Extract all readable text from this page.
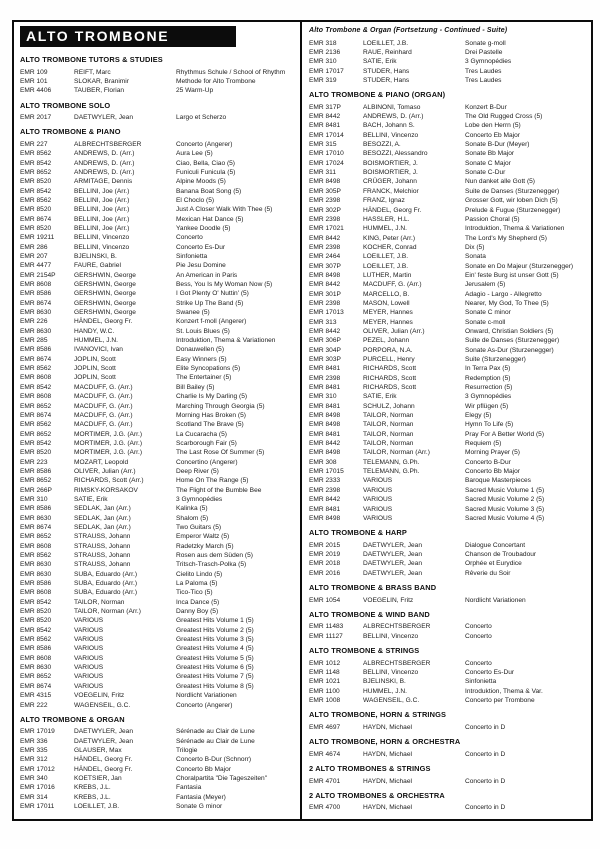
ALTO TROMBONE
ALTO TROMBONE TUTORS & STUDIES
EMR 109	REIFT, Marc	Rhythmus Schule / School of Rhythm
EMR 101	SLOKAR, Branimir	Methode for Alto Trombone
EMR 4406	TAUBER, Florian	25 Warm-Up
ALTO TROMBONE SOLO
EMR 2017	DAETWYLER, Jean	Largo et Scherzo
ALTO TROMBONE & PIANO
EMR 227	ALBRECHTSBERGER	Concerto (Angerer)
EMR 8562	ANDREWS, D. (Arr.)	Aura Lee (5)
EMR 8542	ANDREWS, D. (Arr.)	Ciao, Bella, Ciao (5)
EMR 8652	ANDREWS, D. (Arr.)	Funiculi Funicula (5)
EMR 8520	ARMITAGE, Dennis	Alpine Moods (5)
EMR 8542	BELLINI, Joe (Arr.)	Banana Boat Song (5)
EMR 8562	BELLINI, Joe (Arr.)	El Choclo (5)
EMR 8520	BELLINI, Joe (Arr.)	Just A Closer Walk With Thee (5)
EMR 8674	BELLINI, Joe (Arr.)	Mexican Hat Dance (5)
EMR 8520	BELLINI, Joe (Arr.)	Yankee Doodle (5)
EMR 19211	BELLINI, Vincenzo	Concerto
EMR 286	BELLINI, Vincenzo	Concerto Es-Dur
EMR 207	BJELINSKI, B.	Sinfonietta
EMR 4477	FAURE, Gabriel	Pie Jesu Domine
EMR 2154P	GERSHWIN, George	An American in Paris
EMR 8608	GERSHWIN, George	Bess, You Is My Woman Now (5)
EMR 8586	GERSHWIN, George	I Got Plenty O' Nuttin' (5)
EMR 8674	GERSHWIN, George	Strike Up The Band (5)
EMR 8630	GERSHWIN, George	Swanee (5)
EMR 226	HÄNDEL, Georg Fr.	Konzert f-moll (Angerer)
EMR 8630	HANDY, W.C.	St. Louis Blues (5)
EMR 285	HUMMEL, J.N.	Introduktion, Thema & Variationen
EMR 8586	IVANOVICI, Ivan	Donauwellen (5)
EMR 8674	JOPLIN, Scott	Easy Winners (5)
EMR 8562	JOPLIN, Scott	Elite Syncopations (5)
EMR 8608	JOPLIN, Scott	The Entertainer (5)
EMR 8542	MACDUFF, G. (Arr.)	Bill Bailey (5)
EMR 8608	MACDUFF, G. (Arr.)	Charlie Is My Darling (5)
EMR 8652	MACDUFF, G. (Arr.)	Marching Through Georgia (5)
EMR 8674	MACDUFF, G. (Arr.)	Morning Has Broken (5)
EMR 8562	MACDUFF, G. (Arr.)	Scotland The Brave (5)
EMR 8652	MORTIMER, J.G. (Arr.)	La Cucaracha (5)
EMR 8542	MORTIMER, J.G. (Arr.)	Scarborough Fair (5)
EMR 8520	MORTIMER, J.G. (Arr.)	The Last Rose Of Summer (5)
EMR 223	MOZART, Leopold	Concertino (Angerer)
EMR 8586	OLIVER, Julian (Arr.)	Deep River (5)
EMR 8652	RICHARDS, Scott (Arr.)	Home On The Range (5)
EMR 266P	RIMSKY-KORSAKOV	The Flight of the Bumble Bee
EMR 310	SATIE, Erik	3 Gymnopédies
EMR 8586	SEDLAK, Jan (Arr.)	Kalinka (5)
EMR 8630	SEDLAK, Jan (Arr.)	Shalom (5)
EMR 8674	SEDLAK, Jan (Arr.)	Two Guitars (5)
EMR 8652	STRAUSS, Johann	Emperor Waltz (5)
EMR 8608	STRAUSS, Johann	Radetzky March (5)
EMR 8562	STRAUSS, Johann	Rosen aus dem Süden (5)
EMR 8630	STRAUSS, Johann	Tritsch-Trasch-Polka (5)
EMR 8630	SUBA, Eduardo (Arr.)	Cielito Lindo (5)
EMR 8586	SUBA, Eduardo (Arr.)	La Paloma (5)
EMR 8608	SUBA, Eduardo (Arr.)	Tico-Tico (5)
EMR 8542	TAILOR, Norman	Inca Dance (5)
EMR 8520	TAILOR, Norman (Arr.)	Danny Boy (5)
EMR 8520	VARIOUS	Greatest Hits Volume 1 (5)
EMR 8542	VARIOUS	Greatest Hits Volume 2 (5)
EMR 8562	VARIOUS	Greatest Hits Volume 3 (5)
EMR 8586	VARIOUS	Greatest Hits Volume 4 (5)
EMR 8608	VARIOUS	Greatest Hits Volume 5 (5)
EMR 8630	VARIOUS	Greatest Hits Volume 6 (5)
EMR 8652	VARIOUS	Greatest Hits Volume 7 (5)
EMR 8674	VARIOUS	Greatest Hits Volume 8 (5)
EMR 4315	VOEGELIN, Fritz	Nordlicht Variationen
EMR 222	WAGENSEIL, G.C.	Concerto (Angerer)
ALTO TROMBONE & ORGAN
EMR 17019	DAETWYLER, Jean	Sérénade au Clair de Lune
EMR 336	DAETWYLER, Jean	Sérénade au Clair de Lune
EMR 335	GLAUSER, Max	Trilogie
EMR 312	HÄNDEL, Georg Fr.	Concerto B-Dur (Schnorr)
EMR 17012	HÄNDEL, Georg Fr.	Concerto Bb Major
EMR 340	KOETSIER, Jan	Choralpartita "Die Tageszeiten"
EMR 17016	KREBS, J.L.	Fantasia
EMR 314	KREBS, J.L.	Fantasia (Meyer)
EMR 17011	LOEILLET, J.B.	Sonate G minor
Alto Trombone & Organ (Fortsetzung - Continued - Suite)
EMR 318	LOEILLET, J.B.	Sonate g-moll
EMR 2136	RAUE, Reinhard	Drei Pastelle
EMR 310	SATIE, Erik	3 Gymnopédies
EMR 17017	STUDER, Hans	Tres Laudes
EMR 319	STUDER, Hans	Tres Laudes
ALTO TROMBONE & PIANO (ORGAN)
EMR 317P	ALBINONI, Tomaso	Konzert B-Dur
EMR 8442	ANDREWS, D. (Arr.)	The Old Rugged Cross (5)
EMR 8481	BACH, Johann S.	Lobe den Herrn (5)
EMR 17014	BELLINI, Vincenzo	Concerto Eb Major
EMR 315	BESOZZI, A.	Sonate B-Dur (Meyer)
EMR 17010	BESOZZI, Alessandro	Sonate Bb Major
EMR 17024	BOISMORTIER, J.	Sonate C Major
EMR 311	BOISMORTIER, J.	Sonate C-Dur
EMR 8498	CRÜGER, Johann	Nun danket alle Gott (5)
EMR 305P	FRANCK, Melchior	Suite de Danses (Sturzenegger)
EMR 2398	FRANZ, Ignaz	Grosser Gott, wir loben Dich (5)
EMR 302P	HÄNDEL, Georg Fr.	Prelude & Fugue (Sturzenegger)
EMR 2398	HASSLER, H.L.	Passion Choral (5)
EMR 17021	HUMMEL, J.N.	Introduktion, Thema & Variationen
EMR 8442	KING, Peter (Arr.)	The Lord's My Shepherd (5)
EMR 2398	KOCHER, Conrad	Dix (5)
EMR 2464	LOEILLET, J.B.	Sonata
EMR 307P	LOEILLET, J.B.	Sonate en Do Majeur (Sturzenegger)
EMR 8498	LUTHER, Martin	Ein' feste Burg ist unser Gott (5)
EMR 8442	MACDUFF, G. (Arr.)	Jerusalem (5)
EMR 301P	MARCELLO, B.	Adagio - Largo - Allegretto
EMR 2398	MASON, Lowell	Nearer, My God, To Thee (5)
EMR 17013	MEYER, Hannes	Sonate C minor
EMR 313	MEYER, Hannes	Sonate c-moll
EMR 8442	OLIVER, Julian (Arr.)	Onward, Christian Soldiers (5)
EMR 306P	PEZEL, Johann	Suite de Danses (Sturzenegger)
EMR 304P	PORPORA, N.A.	Sonate As-Dur (Sturzenegger)
EMR 303P	PURCELL, Henry	Suite (Sturzenegger)
EMR 8481	RICHARDS, Scott	In Terra Pax (5)
EMR 2398	RICHARDS, Scott	Redemption (5)
EMR 8481	RICHARDS, Scott	Resurrection (5)
EMR 310	SATIE, Erik	3 Gymnopédies
EMR 8481	SCHULZ, Johann	Wir pflügen (5)
EMR 8498	TAILOR, Norman	Elegy (5)
EMR 8498	TAILOR, Norman	Hymn To Life (5)
EMR 8481	TAILOR, Norman	Pray For A Better World (5)
EMR 8442	TAILOR, Norman	Requiem (5)
EMR 8498	TAILOR, Norman (Arr.)	Morning Prayer (5)
EMR 308	TELEMANN, G.Ph.	Concerto B-Dur
EMR 17015	TELEMANN, G.Ph.	Concerto Bb Major
EMR 2333	VARIOUS	Baroque Masterpieces
EMR 2398	VARIOUS	Sacred Music Volume 1 (5)
EMR 8442	VARIOUS	Sacred Music Volume 2 (5)
EMR 8481	VARIOUS	Sacred Music Volume 3 (5)
EMR 8498	VARIOUS	Sacred Music Volume 4 (5)
ALTO TROMBONE & HARP
EMR 2015	DAETWYLER, Jean	Dialogue Concertant
EMR 2019	DAETWYLER, Jean	Chanson de Troubadour
EMR 2018	DAETWYLER, Jean	Orphée et Eurydice
EMR 2016	DAETWYLER, Jean	Rêverie du Soir
ALTO TROMBONE & BRASS BAND
EMR 1054	VOEGELIN, Fritz	Nordlicht Variationen
ALTO TROMBONE & WIND BAND
EMR 11483	ALBRECHTSBERGER	Concerto
EMR 11127	BELLINI, Vincenzo	Concerto
ALTO TROMBONE & STRINGS
EMR 1012	ALBRECHTSBERGER	Concerto
EMR 1148	BELLINI, Vincenzo	Concerto Es-Dur
EMR 1021	BJELINSKI, B.	Sinfonietta
EMR 1100	HUMMEL, J.N.	Introduktion, Thema & Var.
EMR 1008	WAGENSEIL, G.C.	Concerto per Trombone
ALTO TROMBONE, HORN & STRINGS
EMR 4697	HAYDN, Michael	Concerto in D
ALTO TROMBONE, HORN & ORCHESTRA
EMR 4674	HAYDN, Michael	Concerto in D
2 ALTO TROMBONES & STRINGS
EMR 4701	HAYDN, Michael	Concerto in D
2 ALTO TROMBONES & ORCHESTRA
EMR 4700	HAYDN, Michael	Concerto in D
